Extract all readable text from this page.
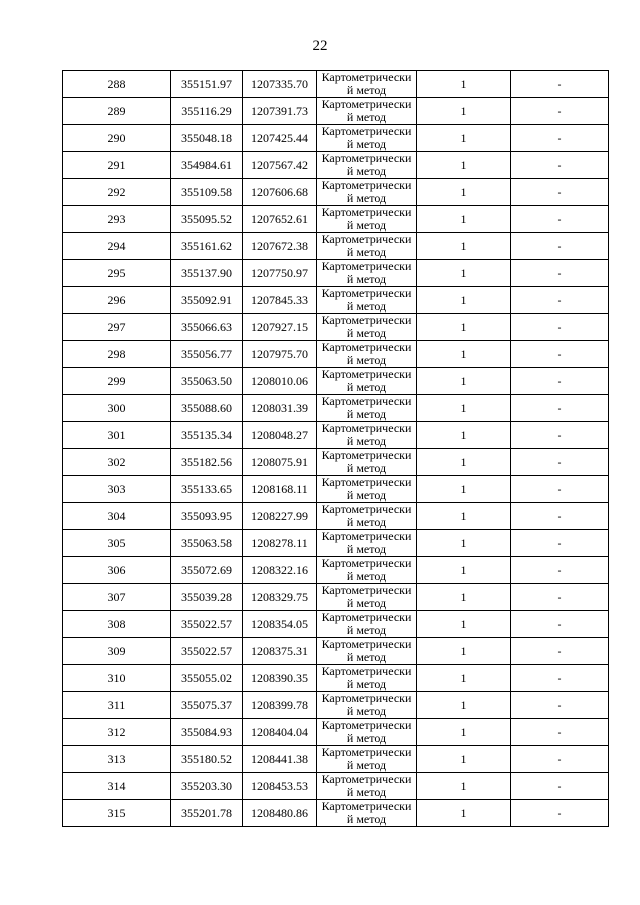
22
288	355151.97	1207335.70	Картометрически
й метод	1	-
289	355116.29	1207391.73	Картометрически
й метод	1	-
290	355048.18	1207425.44	Картометрически
й метод	1	-
291	354984.61	1207567.42	Картометрически
й метод	1	-
292	355109.58	1207606.68	Картометрически
й метод	1	-
293	355095.52	1207652.61	Картометрически
й метод	1	-
294	355161.62	1207672.38	Картометрически
й метод	1	-
295	355137.90	1207750.97	Картометрически
й метод	1	-
296	355092.91	1207845.33	Картометрически
й метод	1	-
297	355066.63	1207927.15	Картометрически
й метод	1	-
298	355056.77	1207975.70	Картометрически
й метод	1	-
299	355063.50	1208010.06	Картометрически
й метод	1	-
300	355088.60	1208031.39	Картометрически
й метод	1	-
301	355135.34	1208048.27	Картометрически
й метод	1	-
302	355182.56	1208075.91	Картометрически
й метод	1	-
303	355133.65	1208168.11	Картометрически
й метод	1	-
304	355093.95	1208227.99	Картометрически
й метод	1	-
305	355063.58	1208278.11	Картометрически
й метод	1	-
306	355072.69	1208322.16	Картометрически
й метод	1	-
307	355039.28	1208329.75	Картометрически
й метод	1	-
308	355022.57	1208354.05	Картометрически
й метод	1	-
309	355022.57	1208375.31	Картометрически
й метод	1	-
310	355055.02	1208390.35	Картометрически
й метод	1	-
311	355075.37	1208399.78	Картометрически
й метод	1	-
312	355084.93	1208404.04	Картометрически
й метод	1	-
313	355180.52	1208441.38	Картометрически
й метод	1	-
314	355203.30	1208453.53	Картометрически
й метод	1	-
315	355201.78	1208480.86	Картометрически
й метод	1	-
